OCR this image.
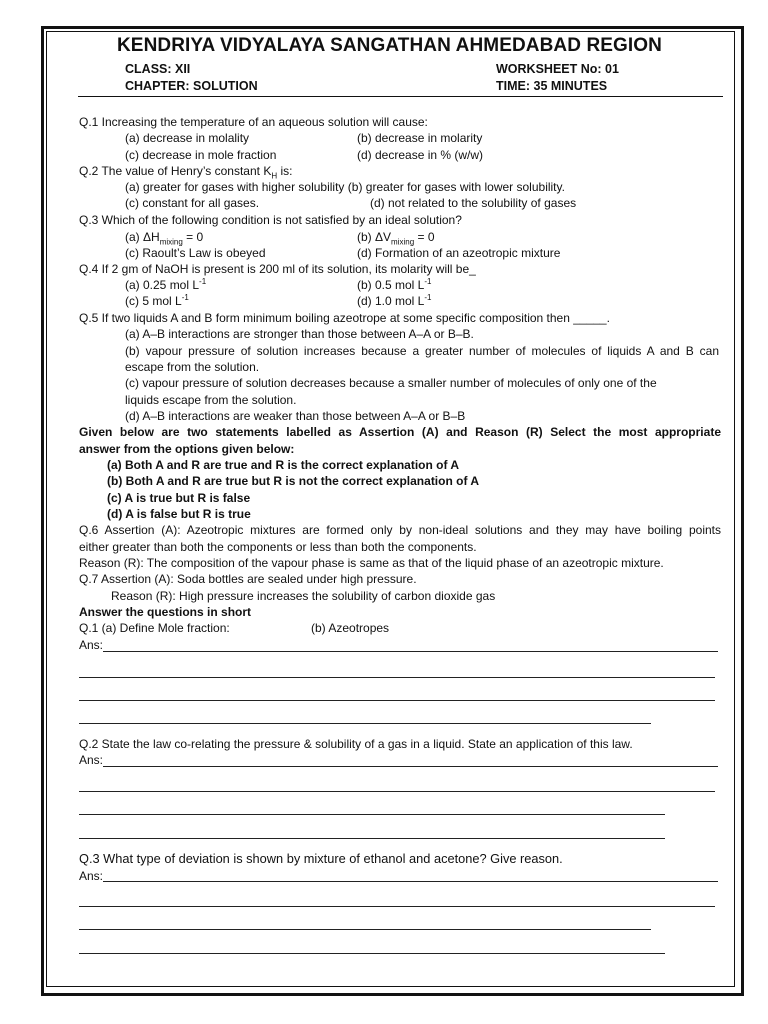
KENDRIYA VIDYALAYA SANGATHAN AHMEDABAD REGION
CLASS: XII	WORKSHEET No: 01
CHAPTER: SOLUTION	TIME: 35 MINUTES
Q.1 Increasing the temperature of an aqueous solution will cause:
(a) decrease in molality	(b) decrease in molarity
(c) decrease in mole fraction	(d) decrease in % (w/w)
Q.2 The value of Henry’s constant $K_H$ is:
(a) greater for gases with higher solubility (b) greater for gases with lower solubility.
(c) constant for all gases.	(d) not related to the solubility of gases
Q.3 Which of the following condition is not satisfied by an ideal solution?
(a) $\Delta H_{mixing} = 0$	(b) $\Delta V_{mixing} = 0$
(c) Raoult’s Law is obeyed	(d) Formation of an azeotropic mixture
Q.4 If 2 gm of NaOH is present is 200 ml of its solution, its molarity will be_
(a) 0.25 mol $L^{-1}$	(b) 0.5 mol $L^{-1}$
(c) 5 mol $L^{-1}$	(d) 1.0 mol $L^{-1}$
Q.5 If two liquids A and B form minimum boiling azeotrope at some specific composition then _____.
(a) A–B interactions are stronger than those between A–A or B–B.
(b) vapour pressure of solution increases because a greater number of molecules of liquids A and B can
escape from the solution.
(c) vapour pressure of solution decreases because a smaller number of molecules of only one of the
liquids escape from the solution.
(d) A–B interactions are weaker than those between A–A or B–B
Given below are two statements labelled as Assertion (A) and Reason (R) Select the most appropriate
answer from the options given below:
(a) Both A and R are true and R is the correct explanation of A
(b) Both A and R are true but R is not the correct explanation of A
(c) A is true but R is false
(d) A is false but R is true
Q.6 Assertion (A): Azeotropic mixtures are formed only by non-ideal solutions and they may have boiling points
either greater than both the components or less than both the components.
Reason (R): The composition of the vapour phase is same as that of the liquid phase of an azeotropic mixture.
Q.7 Assertion (A): Soda bottles are sealed under high pressure.
Reason (R): High pressure increases the solubility of carbon dioxide gas
Answer the questions in short
Q.1 (a) Define Mole fraction:	(b) Azeotropes
Ans:
Q.2 State the law co-relating the pressure & solubility of a gas in a liquid. State an application of this law.
Ans:
Q.3 What type of deviation is shown by mixture of ethanol and acetone? Give reason.
Ans:
